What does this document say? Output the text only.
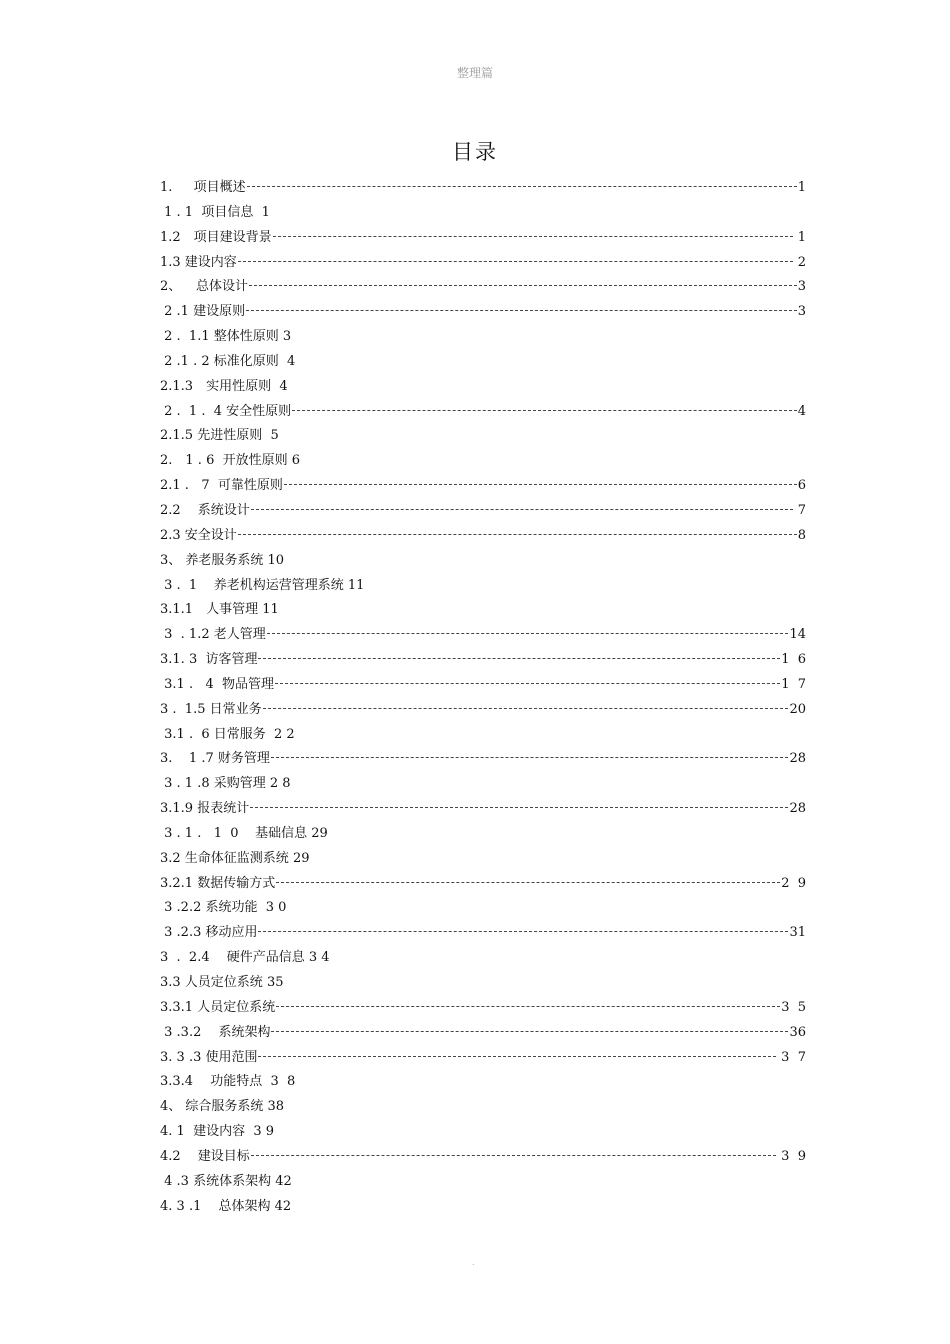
整理篇
目录
1.　  项目概述	1
1 . 1  项目信息  1
1.2　项目建设背景	1
1.3 建设内容	2
2、　  总体设计	3
2 .1 建设原则	3
2 .  1.1 整体性原则 3
2 .1 . 2 标准化原则  4
2.1.3　实用性原则  4
2 .  1 .  4 安全性原则	4
2.1.5 先进性原则  5
2.　1 . 6  开放性原则 6
2.1 .   7  可靠性原则	6
2.2　 系统设计	7
2.3 安全设计	8
3、 养老服务系统 10
3 .  1    养老机构运营管理系统 11
3.1.1　人事管理 11
3  . 1.2 老人管理	14
3.1. 3  访客管理	1  6
3.1 .   4  物品管理	1  7
3 .  1.5 日常业务	20
3.1 .  6 日常服务  2 2
3.    1 .7 财务管理	28
3 . 1 .8 采购管理 2 8
3.1.9 报表统计	28
3 . 1 .   1  0    基础信息 29
3.2 生命体征监测系统 29
3.2.1 数据传输方式	2  9
3 .2.2 系统功能  3 0
3 .2.3 移动应用	31
3  .  2.4　 硬件产品信息 3 4
3.3 人员定位系统 35
3.3.1 人员定位系统	3  5
3 .3.2　 系统架构	36
3. 3 .3 使用范围	3  7
3.3.4　 功能特点  3  8
4、 综合服务系统 38
4. 1  建设内容  3 9
4.2　 建设目标	3  9
4 .3 系统体系架构 42
4. 3 .1　 总体架构 42
.
